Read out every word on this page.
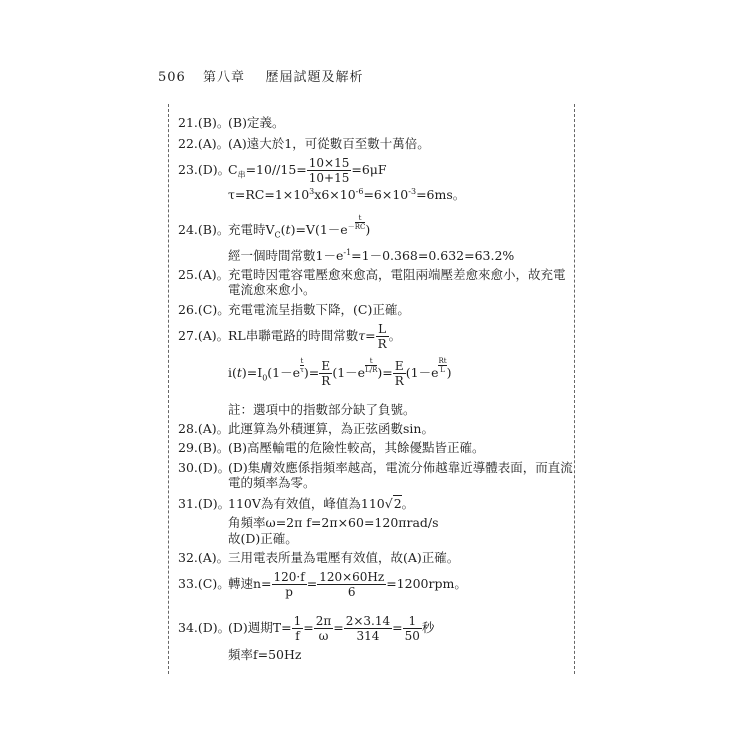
506 第八章 歷屆試題及解析
21.(B)。(B)定義。
22.(A)。(A)遠大於1，可從數百至數十萬倍。
23.(D)。$C_串=10//15= \frac{10\times 15}{10+15} =6\mu F$
$\tau=RC=1\times 10^3x6\times 10^{-6}=6\times 10^{-3}=6ms$。
24.(B)。充電時$V_C(t)=V(1-e^- \frac{t}{RC}$ )
經一個時間常數$1-e^{-1}=1-0.368=0.632=63.2\%$
25.(A)。充電時因電容電壓愈來愈高，電阻兩端壓差愈來愈小，故充電
電流愈來愈小。
26.(C)。充電電流呈指數下降，(C)正確。
27.(A)。RL串聯電路的時間常數$\tau= \frac{L}{R}$ 。
$i(t)=I_0(1-e \frac{t}{\tau}$ )= $\frac{E}{R} (1-e \frac{t}{L/R}$ )= $\frac{E}{R} (1-e \frac{Rt}{L}$ )
註：選項中的指數部分缺了負號。
28.(A)。此運算為外積運算，為正弦函數sin。
29.(B)。(B)高壓輸電的危險性較高，其餘優點皆正確。
30.(D)。(D)集膚效應係指頻率越高，電流分佈越靠近導體表面，而直流
電的頻率為零。
31.(D)。110V為有效值，峰值為110√2。
角頻率ω=2π f=2π×60=120πrad/s
故(D)正確。
32.(A)。三用電表所量為電壓有效值，故(A)正確。
33.(C)。轉速$n= \frac{120\cdot f}{p} = \frac{120\times 60Hz}{6} =1200rpm$。
34.(D)。(D)週期$T= \frac{1}{f} = \frac{2\pi}{\omega} = \frac{2\times 3.14}{314} = \frac{1}{50}$ 秒
頻率f=50Hz
